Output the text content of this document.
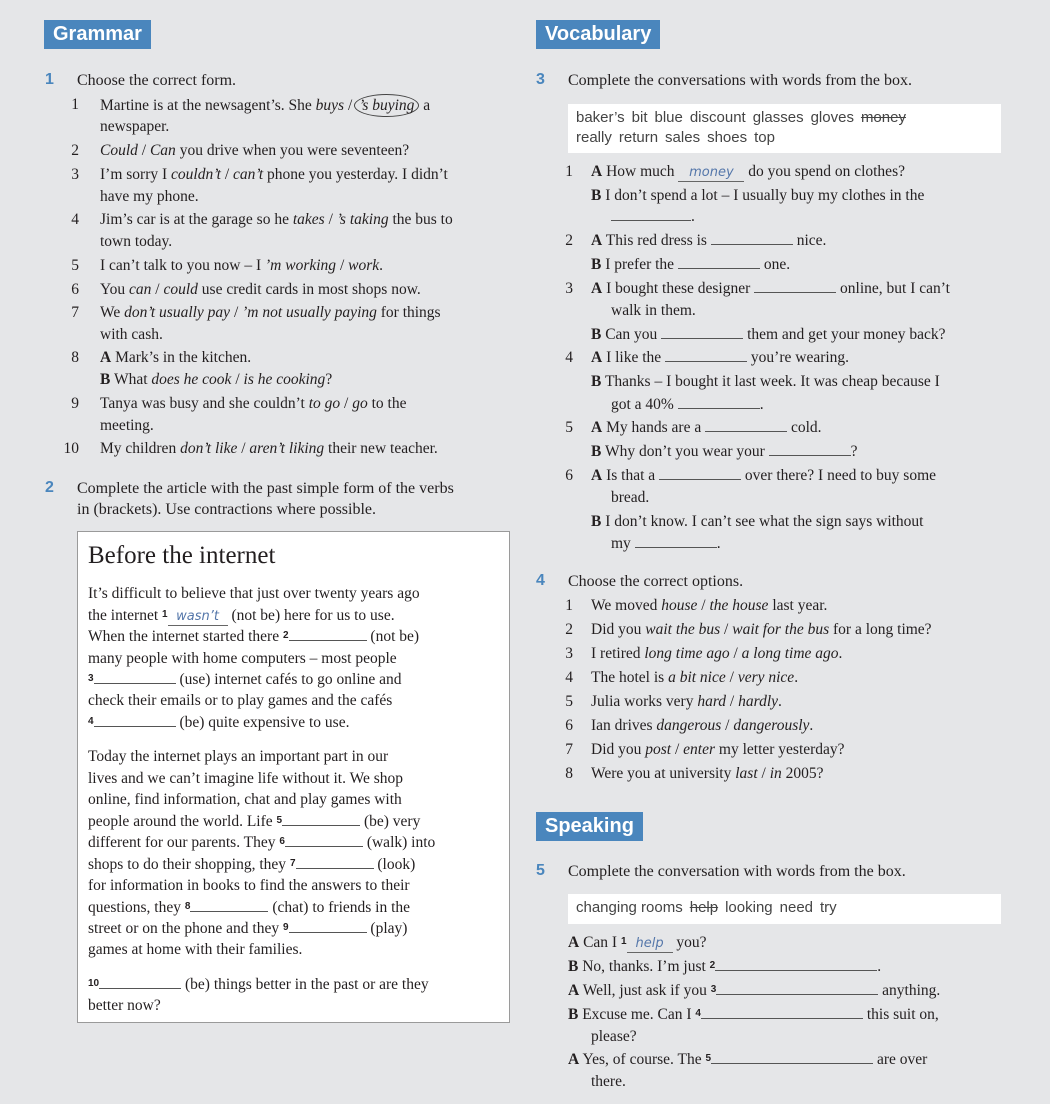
Grammar
1 Choose the correct form.
1 Martine is at the newsagent’s. She buys / ’s buying a
newspaper.
2 Could / Can you drive when you were seventeen?
3 I’m sorry I couldn’t / can’t phone you yesterday. I didn’t
have my phone.
4 Jim’s car is at the garage so he takes / ’s taking the bus to
town today.
5 I can’t talk to you now – I ’m working / work.
6 You can / could use credit cards in most shops now.
7 We don’t usually pay / ’m not usually paying for things
with cash.
8 A Mark’s in the kitchen.
B What does he cook / is he cooking?
9 Tanya was busy and she couldn’t to go / go to the
meeting.
10 My children don’t like / aren’t liking their new teacher.
2 Complete the article with the past simple form of the verbs
in (brackets). Use contractions where possible.
Before the internet
It’s difficult to believe that just over twenty years ago
the internet $^1$ wasn’t (not be) here for us to use.
When the internet started there $^2$	(not be)
many people with home computers – most people
$^3$	(use) internet cafés to go online and
check their emails or to play games and the cafés
$^4$	(be) quite expensive to use.
Today the internet plays an important part in our
lives and we can’t imagine life without it. We shop
online, find information, chat and play games with
people around the world. Life $^5$	(be) very
different for our parents. They $^6$	(walk) into
shops to do their shopping, they $^7$	(look)
for information in books to find the answers to their
questions, they $^8$	(chat) to friends in the
street or on the phone and they $^9$	(play)
games at home with their families.
$^{10}$	(be) things better in the past or are they
better now?
Vocabulary
3 Complete the conversations with words from the box.
baker’s bit blue discount glasses gloves money
really return sales shoes top
1 A How much money do you spend on clothes?
B I don’t spend a lot – I usually buy my clothes in the
.
2 A This red dress is	nice.
B I prefer the	one.
3 A I bought these designer	online, but I can’t
walk in them.
B Can you	them and get your money back?
4 A I like the	you’re wearing.
B Thanks – I bought it last week. It was cheap because I
got a 40%	.
5 A My hands are a	cold.
B Why don’t you wear your	?
6 A Is that a	over there? I need to buy some
bread.
B I don’t know. I can’t see what the sign says without
my	.
4 Choose the correct options.
1 We moved house / the house last year.
2 Did you wait the bus / wait for the bus for a long time?
3 I retired long time ago / a long time ago.
4 The hotel is a bit nice / very nice.
5 Julia works very hard / hardly.
6 Ian drives dangerous / dangerously.
7 Did you post / enter my letter yesterday?
8 Were you at university last / in 2005?
Speaking
5 Complete the conversation with words from the box.
changing rooms help looking need try
A Can I $^1$ help you?
B No, thanks. I’m just $^2$	.
A Well, just ask if you $^3$	anything.
B Excuse me. Can I $^4$	this suit on,
please?
A Yes, of course. The $^5$	are over
there.
